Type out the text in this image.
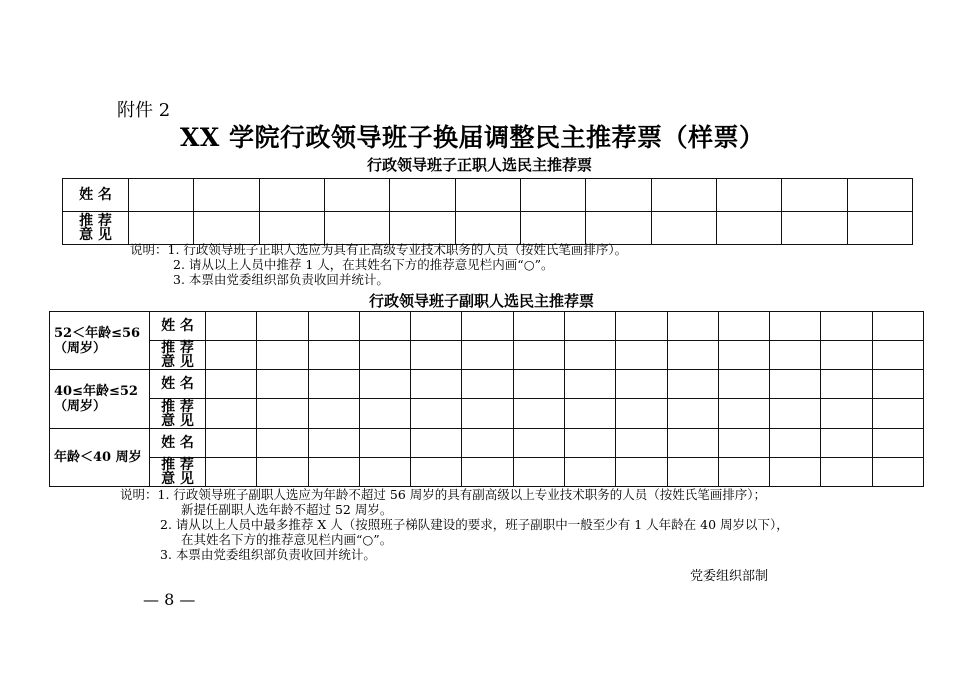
附件 2
XX 学院行政领导班子换届调整民主推荐票（样票）
行政领导班子正职人选民主推荐票
姓 名												

推 荐
意 见												

说明：1. 行政领导班子正职人选应为具有正高级专业技术职务的人员（按姓氏笔画排序）。
2. 请从以上人员中推荐 1 人，在其姓名下方的推荐意见栏内画“○”。
3. 本票由党委组织部负责收回并统计。
行政领导班子副职人选民主推荐票
52＜年龄≤56
（周岁）	姓 名														

	推 荐
意 见														

40≤年龄≤52
（周岁）	姓 名														

	推 荐
意 见														

年龄＜40 周岁	姓 名														

	推 荐
意 见														

说明：1. 行政领导班子副职人选应为年龄不超过 56 周岁的具有副高级以上专业技术职务的人员（按姓氏笔画排序）；
新提任副职人选年龄不超过 52 周岁。
2. 请从以上人员中最多推荐 X 人（按照班子梯队建设的要求，班子副职中一般至少有 1 人年龄在 40 周岁以下），
在其姓名下方的推荐意见栏内画“○”。
3. 本票由党委组织部负责收回并统计。
党委组织部制
— 8 —
